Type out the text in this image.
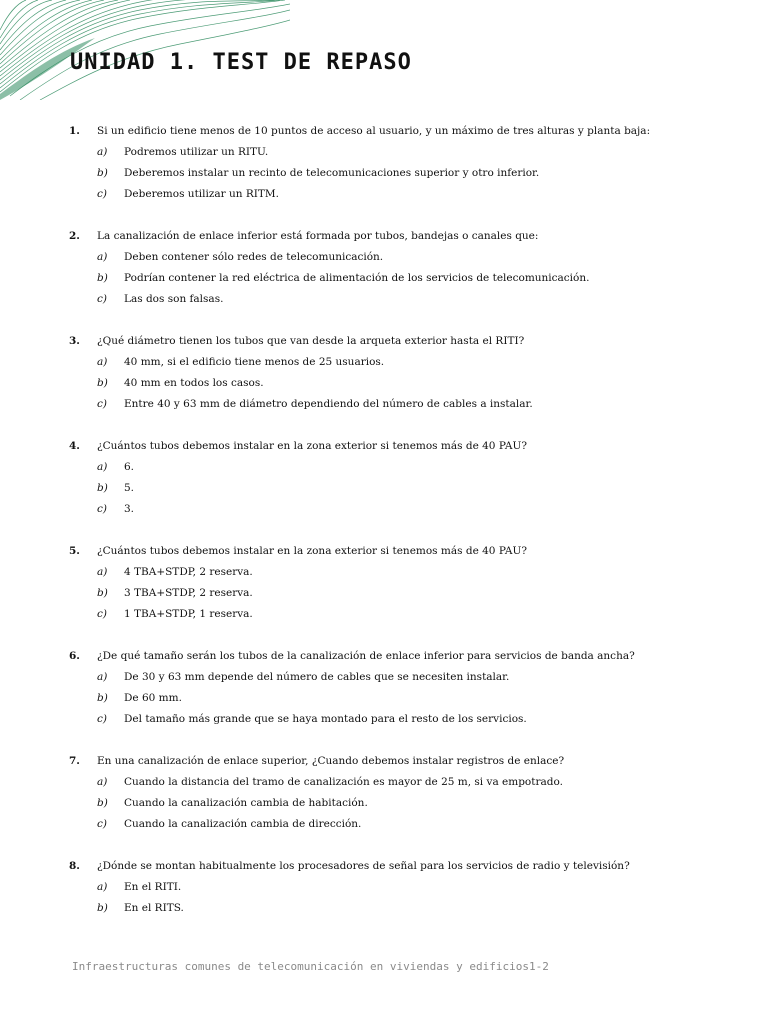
UNIDAD 1. TEST DE REPASO
1. Si un edificio tiene menos de 10 puntos de acceso al usuario, y un máximo de tres alturas y planta baja:
a) Podremos utilizar un RITU.
b) Deberemos instalar un recinto de telecomunicaciones superior y otro inferior.
c) Deberemos utilizar un RITM.
2. La canalización de enlace inferior está formada por tubos, bandejas o canales que:
a) Deben contener sólo redes de telecomunicación.
b) Podrían contener la red eléctrica de alimentación de los servicios de telecomunicación.
c) Las dos son falsas.
3. ¿Qué diámetro tienen los tubos que van desde la arqueta exterior hasta el RITI?
a) 40 mm, si el edificio tiene menos de 25 usuarios.
b) 40 mm en todos los casos.
c) Entre 40 y 63 mm de diámetro dependiendo del número de cables a instalar.
4. ¿Cuántos tubos debemos instalar en la zona exterior si tenemos más de 40 PAU?
a) 6.
b) 5.
c) 3.
5. ¿Cuántos tubos debemos instalar en la zona exterior si tenemos más de 40 PAU?
a) 4 TBA+STDP, 2 reserva.
b) 3 TBA+STDP, 2 reserva.
c) 1 TBA+STDP, 1 reserva.
6. ¿De qué tamaño serán los tubos de la canalización de enlace inferior para servicios de banda ancha?
a) De 30 y 63 mm depende del número de cables que se necesiten instalar.
b) De 60 mm.
c) Del tamaño más grande que se haya montado para el resto de los servicios.
7. En una canalización de enlace superior, ¿Cuando debemos instalar registros de enlace?
a) Cuando la distancia del tramo de canalización es mayor de 25 m, si va empotrado.
b) Cuando la canalización cambia de habitación.
c) Cuando la canalización cambia de dirección.
8. ¿Dónde se montan habitualmente los procesadores de señal para los servicios de radio y televisión?
a) En el RITI.
b) En el RITS.
Infraestructuras comunes de telecomunicación en viviendas y edificios1-2
